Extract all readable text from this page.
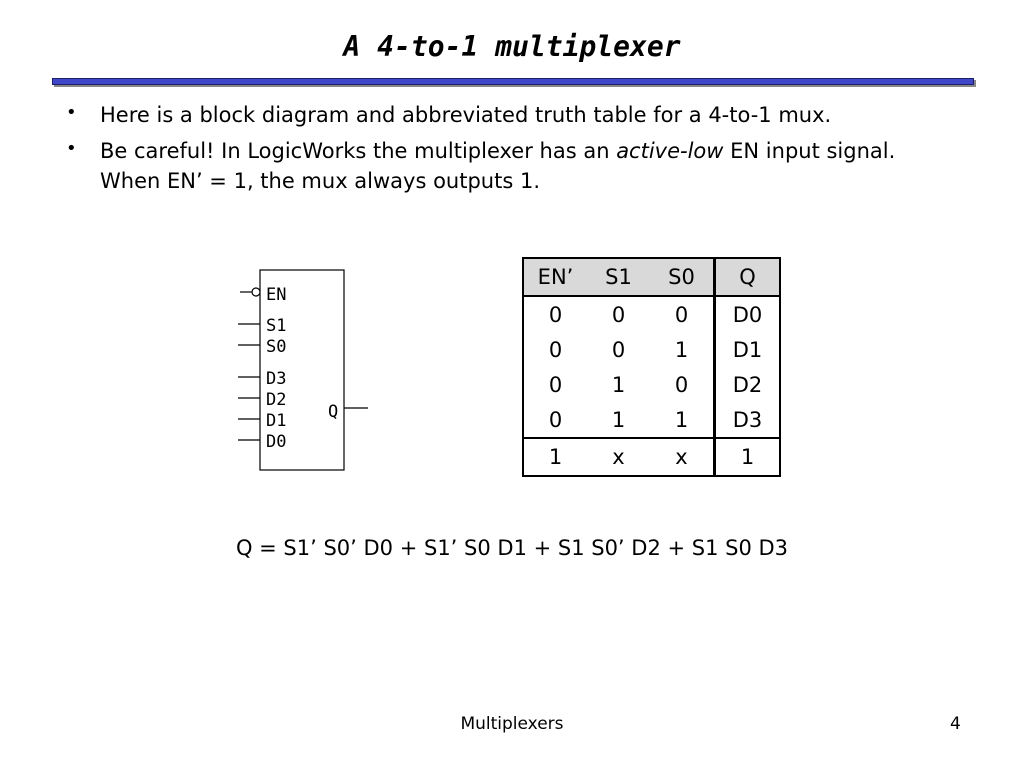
A 4-to-1 multiplexer
• Here is a block diagram and abbreviated truth table for a 4-to-1 mux.
• Be careful! In LogicWorks the multiplexer has an active-low EN input signal. When EN’ = 1, the mux always outputs 1.
EN
S1
S0
D3
D2
D1
D0
Q
EN’	S1	S0	Q
0	0	0	D0
0	0	1	D1
0	1	0	D2
0	1	1	D3
1	x	x	1
Q = S1’ S0’ D0 + S1’ S0 D1 + S1 S0’ D2 + S1 S0 D3
Multiplexers	4
